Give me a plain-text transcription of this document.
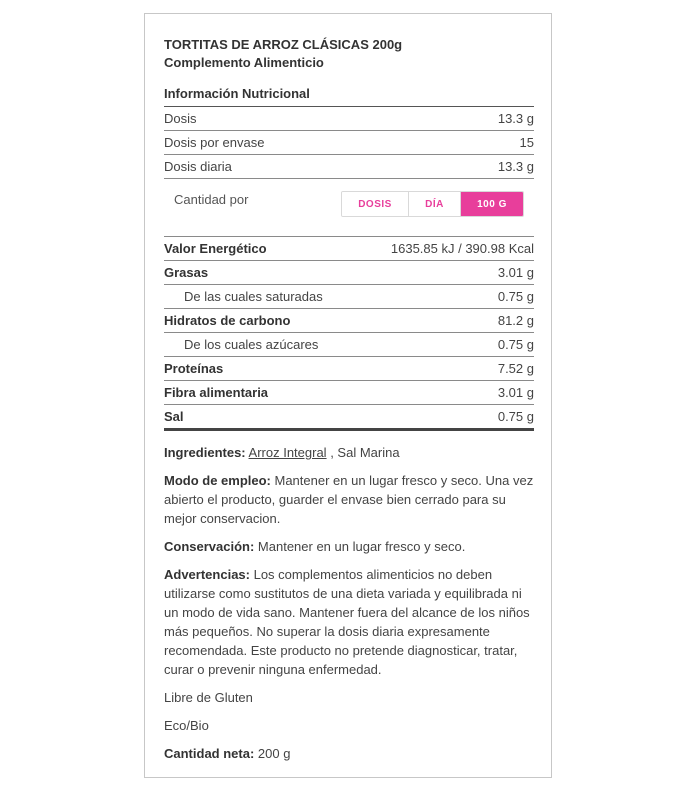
TORTITAS DE ARROZ CLÁSICAS 200g
Complemento Alimenticio
Información Nutricional
Dosis	13.3 g
Dosis por envase	15
Dosis diaria	13.3 g
Cantidad por	DOSIS	DÍA	100 G
Valor Energético	1635.85 kJ / 390.98 Kcal
Grasas	3.01 g
De las cuales saturadas	0.75 g
Hidratos de carbono	81.2 g
De los cuales azúcares	0.75 g
Proteínas	7.52 g
Fibra alimentaria	3.01 g
Sal	0.75 g
Ingredientes: Arroz Integral , Sal Marina
Modo de empleo: Mantener en un lugar fresco y seco. Una vez abierto el producto, guarder el envase bien cerrado para su mejor conservacion.
Conservación: Mantener en un lugar fresco y seco.
Advertencias: Los complementos alimenticios no deben utilizarse como sustitutos de una dieta variada y equilibrada ni un modo de vida sano. Mantener fuera del alcance de los niños más pequeños. No superar la dosis diaria expresamente recomendada. Este producto no pretende diagnosticar, tratar, curar o prevenir ninguna enfermedad.
Libre de Gluten
Eco/Bio
Cantidad neta: 200 g
